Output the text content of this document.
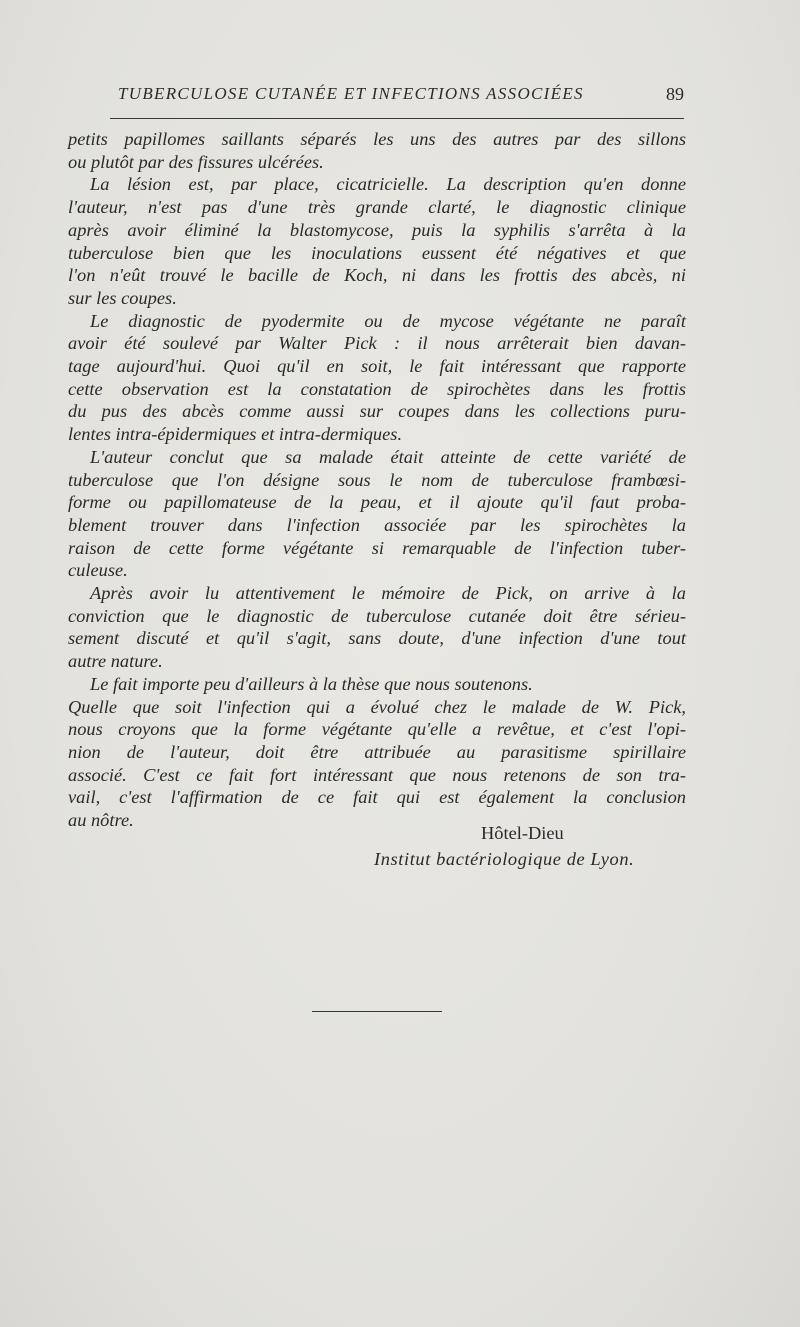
TUBERCULOSE CUTANÉE ET INFECTIONS ASSOCIÉES	89
petits papillomes saillants séparés les uns des autres par des sillons
ou plutôt par des fissures ulcérées.
La lésion est, par place, cicatricielle. La description qu'en donne
l'auteur, n'est pas d'une très grande clarté, le diagnostic clinique
après avoir éliminé la blastomycose, puis la syphilis s'arrêta à la
tuberculose bien que les inoculations eussent été négatives et que
l'on n'eût trouvé le bacille de Koch, ni dans les frottis des abcès, ni
sur les coupes.
Le diagnostic de pyodermite ou de mycose végétante ne paraît
avoir été soulevé par Walter Pick : il nous arrêterait bien davan-
tage aujourd'hui. Quoi qu'il en soit, le fait intéressant que rapporte
cette observation est la constatation de spirochètes dans les frottis
du pus des abcès comme aussi sur coupes dans les collections puru-
lentes intra-épidermiques et intra-dermiques.
L'auteur conclut que sa malade était atteinte de cette variété de
tuberculose que l'on désigne sous le nom de tuberculose frambœsi-
forme ou papillomateuse de la peau, et il ajoute qu'il faut proba-
blement trouver dans l'infection associée par les spirochètes la
raison de cette forme végétante si remarquable de l'infection tuber-
culeuse.
Après avoir lu attentivement le mémoire de Pick, on arrive à la
conviction que le diagnostic de tuberculose cutanée doit être sérieu-
sement discuté et qu'il s'agit, sans doute, d'une infection d'une tout
autre nature.
Le fait importe peu d'ailleurs à la thèse que nous soutenons.
Quelle que soit l'infection qui a évolué chez le malade de W. Pick,
nous croyons que la forme végétante qu'elle a revêtue, et c'est l'opi-
nion de l'auteur, doit être attribuée au parasitisme spirillaire
associé. C'est ce fait fort intéressant que nous retenons de son tra-
vail, c'est l'affirmation de ce fait qui est également la conclusion
au nôtre.
Hôtel-Dieu
Institut bactériologique de Lyon.
